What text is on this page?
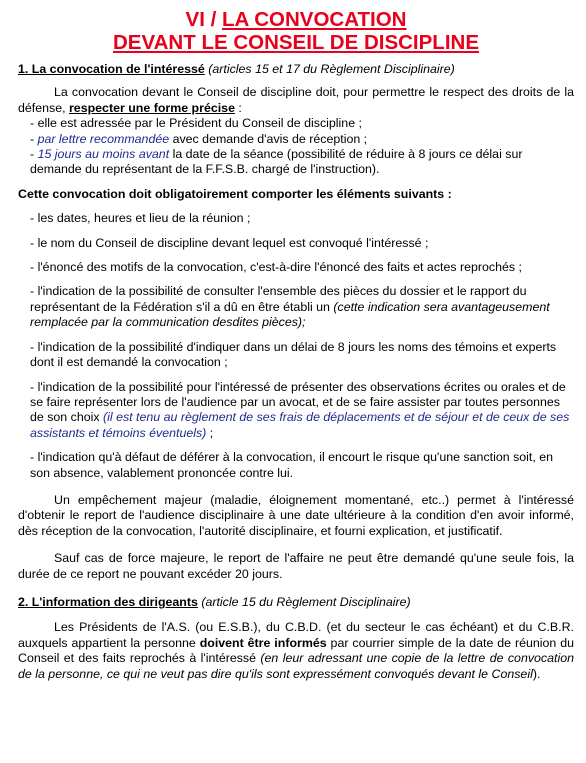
VI / LA CONVOCATION
DEVANT LE CONSEIL DE DISCIPLINE

1. La convocation de l'intéressé (articles 15 et 17 du Règlement Disciplinaire)

La convocation devant le Conseil de discipline doit, pour permettre le respect des droits de la défense, respecter une forme précise :

- elle est adressée par le Président du Conseil de discipline ;

- par lettre recommandée avec demande d'avis de réception ;

- 15 jours au moins avant la date de la séance (possibilité de réduire à 8 jours ce délai sur demande du représentant de la F.F.S.B. chargé de l'instruction).

Cette convocation doit obligatoirement comporter les éléments suivants :

- les dates, heures et lieu de la réunion ;

- le nom du Conseil de discipline devant lequel est convoqué l'intéressé ;

- l'énoncé des motifs de la convocation, c'est-à-dire l'énoncé des faits et actes reprochés ;

- l'indication de la possibilité de consulter l'ensemble des pièces du dossier et le rapport du représentant de la Fédération s'il a dû en être établi un (cette indication sera avantageusement remplacée par la communication desdites pièces);

- l'indication de la possibilité d'indiquer dans un délai de 8 jours les noms des témoins et experts dont il est demandé la convocation ;

- l'indication de la possibilité pour l'intéressé de présenter des observations écrites ou orales et de se faire représenter lors de l'audience par un avocat, et de se faire assister par toutes personnes de son choix (il est tenu au règlement de ses frais de déplacements et de séjour et de ceux de ses assistants et témoins éventuels) ;

- l'indication qu'à défaut de déférer à la convocation, il encourt le risque qu'une sanction soit, en son absence, valablement prononcée contre lui.

Un empêchement majeur (maladie, éloignement momentané, etc..) permet à l'intéressé d'obtenir le report de l'audience disciplinaire à une date ultérieure à la condition d'en avoir informé, dès réception de la convocation, l'autorité disciplinaire, et fourni explication, et justificatif.

Sauf cas de force majeure, le report de l'affaire ne peut être demandé qu'une seule fois, la durée de ce report ne pouvant excéder 20 jours.

2. L'information des dirigeants (article 15 du Règlement Disciplinaire)

Les Présidents de l'A.S. (ou E.S.B.), du C.B.D. (et du secteur le cas échéant) et du C.B.R. auxquels appartient la personne doivent être informés par courrier simple de la date de réunion du Conseil et des faits reprochés à l'intéressé (en leur adressant une copie de la lettre de convocation de la personne, ce qui ne veut pas dire qu'ils sont expressément convoqués devant le Conseil).
